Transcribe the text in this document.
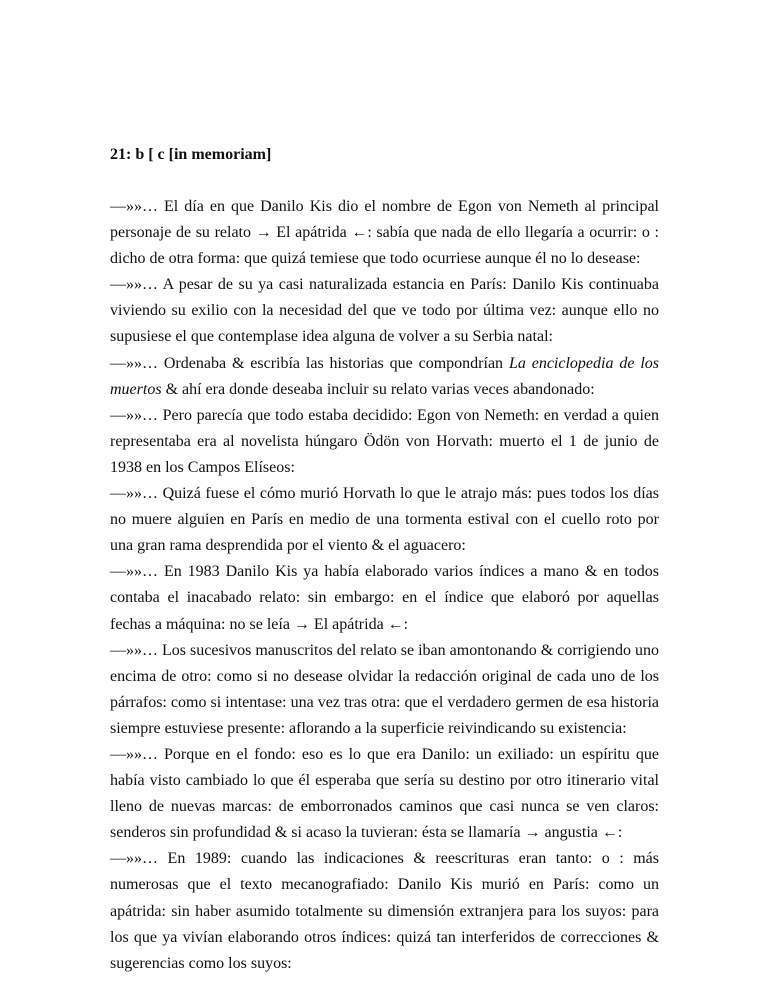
21: b [ c [in memoriam]

—»»… El día en que Danilo Kis dio el nombre de Egon von Nemeth al principal personaje de su relato → El apátrida ←: sabía que nada de ello llegaría a ocurrir: o : dicho de otra forma: que quizá temiese que todo ocurriese aunque él no lo desease:

—»»… A pesar de su ya casi naturalizada estancia en París: Danilo Kis continuaba viviendo su exilio con la necesidad del que ve todo por última vez: aunque ello no supusiese el que contemplase idea alguna de volver a su Serbia natal:

—»»… Ordenaba & escribía las historias que compondrían La enciclopedia de los muertos & ahí era donde deseaba incluir su relato varias veces abandonado:

—»»… Pero parecía que todo estaba decidido: Egon von Nemeth: en verdad a quien representaba era al novelista húngaro Ödön von Horvath: muerto el 1 de junio de 1938 en los Campos Elíseos:

—»»… Quizá fuese el cómo murió Horvath lo que le atrajo más: pues todos los días no muere alguien en París en medio de una tormenta estival con el cuello roto por una gran rama desprendida por el viento & el aguacero:

—»»… En 1983 Danilo Kis ya había elaborado varios índices a mano & en todos contaba el inacabado relato: sin embargo: en el índice que elaboró por aquellas fechas a máquina: no se leía → El apátrida ←:

—»»… Los sucesivos manuscritos del relato se iban amontonando & corrigiendo uno encima de otro: como si no desease olvidar la redacción original de cada uno de los párrafos: como si intentase: una vez tras otra: que el verdadero germen de esa historia siempre estuviese presente: aflorando a la superficie reivindicando su existencia:

—»»… Porque en el fondo: eso es lo que era Danilo: un exiliado: un espíritu que había visto cambiado lo que él esperaba que sería su destino por otro itinerario vital lleno de nuevas marcas: de emborronados caminos que casi nunca se ven claros: senderos sin profundidad & si acaso la tuvieran: ésta se llamaría → angustia ←:

—»»… En 1989: cuando las indicaciones & reescrituras eran tanto: o : más numerosas que el texto mecanografiado: Danilo Kis murió en París: como un apátrida: sin haber asumido totalmente su dimensión extranjera para los suyos: para los que ya vivían elaborando otros índices: quizá tan interferidos de correcciones & sugerencias como los suyos:
